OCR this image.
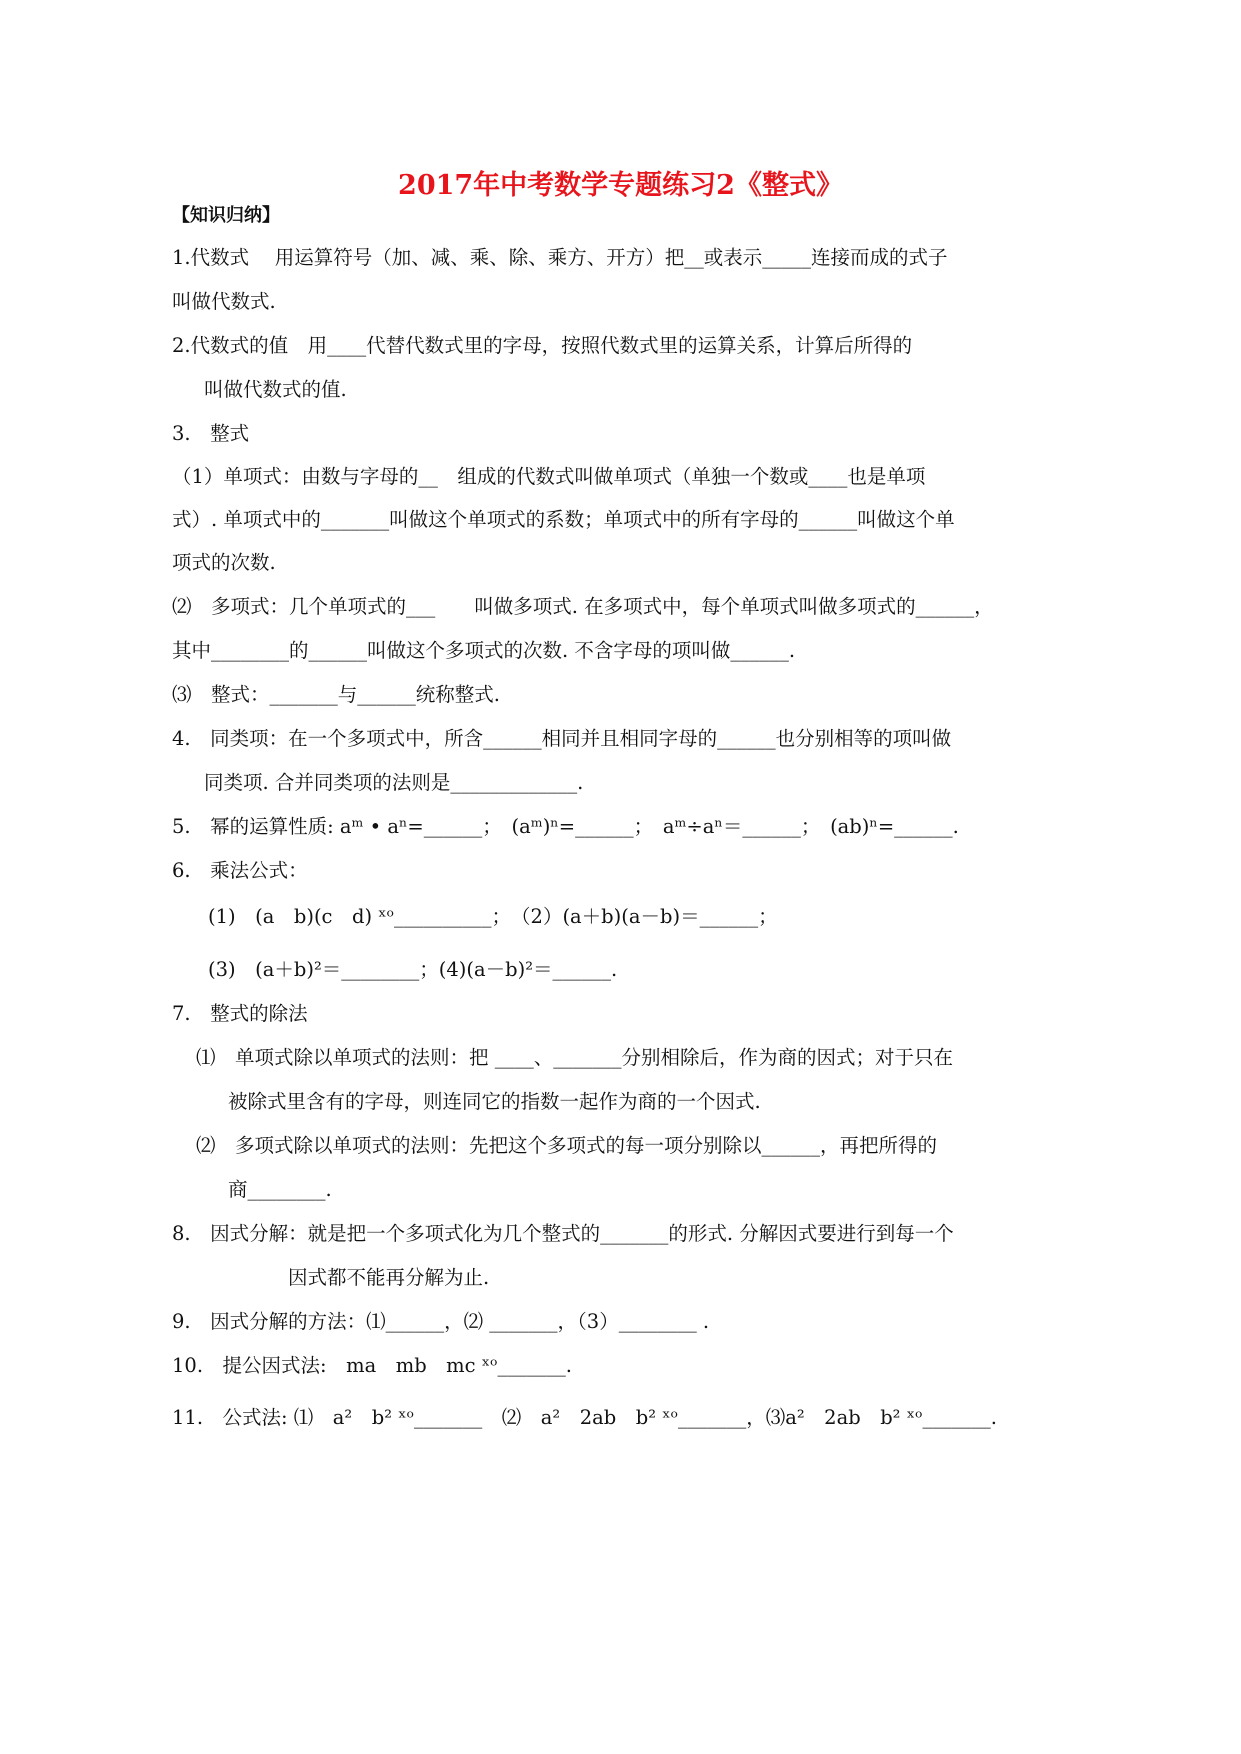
2017年中考数学专题练习2《整式》
【知识归纳】
1.代数式　 用运算符号（加、减、乘、除、乘方、开方）把__或表示_____连接而成的式子
叫做代数式.
2.代数式的值　用____代替代数式里的字母，按照代数式里的运算关系，计算后所得的
叫做代数式的值.
3.　整式
（1）单项式：由数与字母的__　组成的代数式叫做单项式（单独一个数或____也是单项
式）. 单项式中的_______叫做这个单项式的系数；单项式中的所有字母的______叫做这个单
项式的次数.
⑵　多项式：几个单项式的___　　叫做多项式. 在多项式中，每个单项式叫做多项式的______，
其中________的______叫做这个多项式的次数. 不含字母的项叫做______.
⑶　整式：_______与______统称整式.
4.　同类项：在一个多项式中，所含______相同并且相同字母的______也分别相等的项叫做
同类项. 合并同类项的法则是_____________.
5.　幂的运算性质: aᵐ • aⁿ=______；　(aᵐ)ⁿ=______；　aᵐ÷aⁿ＝______；　(ab)ⁿ=______.
6.　乘法公式：
(1)　(a　b)(c　d) ˣᵒ__________；　（2）(a＋b)(a－b)＝______；
(3)　(a＋b)²＝________；(4)(a－b)²＝______.
7.　整式的除法
⑴　单项式除以单项式的法则：把 ____、_______分别相除后，作为商的因式；对于只在
被除式里含有的字母，则连同它的指数一起作为商的一个因式.
⑵　多项式除以单项式的法则：先把这个多项式的每一项分别除以______，再把所得的
商________.
8.　因式分解：就是把一个多项式化为几个整式的_______的形式. 分解因式要进行到每一个
因式都不能再分解为止.
9.　因式分解的方法：⑴______，⑵ _______，（3）________ .
10.　提公因式法:　ma　mb　mc ˣᵒ_______.
11.　公式法: ⑴　a²　b² ˣᵒ_______　⑵　a²　2ab　b² ˣᵒ_______，⑶a²　2ab　b² ˣᵒ_______.
